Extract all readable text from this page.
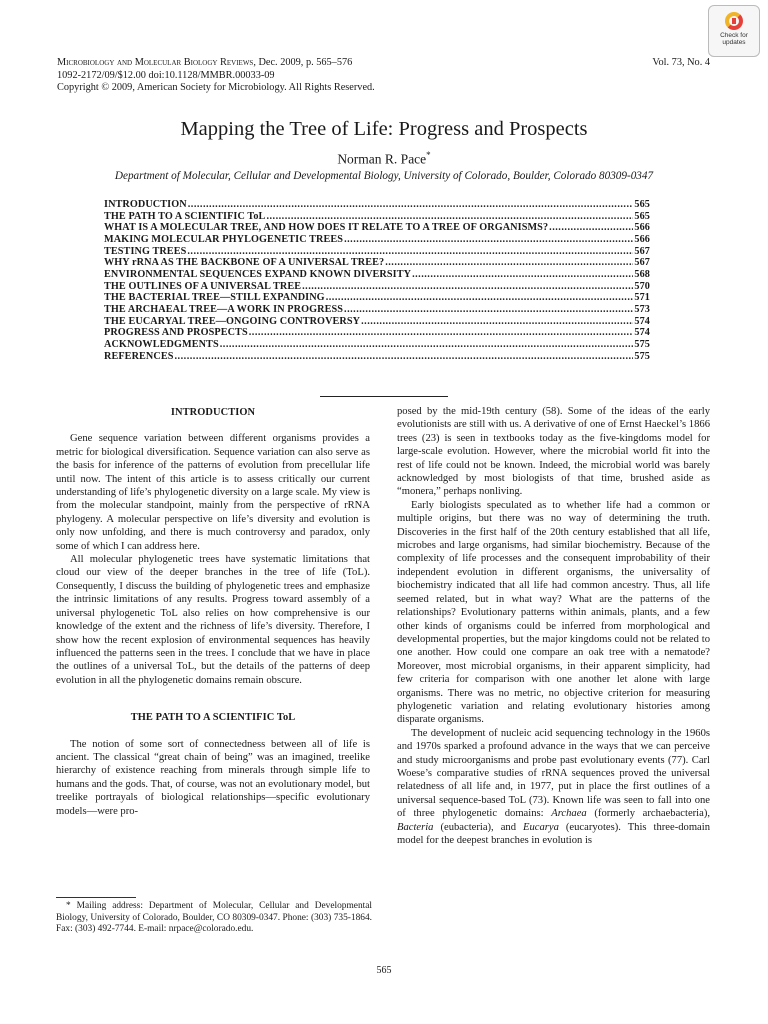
Microbiology and Molecular Biology Reviews, Dec. 2009, p. 565–576
1092-2172/09/$12.00 doi:10.1128/MMBR.00033-09
Copyright © 2009, American Society for Microbiology. All Rights Reserved.
Vol. 73, No. 4
Check for
updates
Mapping the Tree of Life: Progress and Prospects
Norman R. Pace*
Department of Molecular, Cellular and Developmental Biology, University of Colorado, Boulder, Colorado 80309-0347
INTRODUCTION .....	565
THE PATH TO A SCIENTIFIC ToL .....	565
WHAT IS A MOLECULAR TREE, AND HOW DOES IT RELATE TO A TREE OF ORGANISMS? .....	566
MAKING MOLECULAR PHYLOGENETIC TREES .....	566
TESTING TREES .....	567
WHY rRNA AS THE BACKBONE OF A UNIVERSAL TREE? .....	567
ENVIRONMENTAL SEQUENCES EXPAND KNOWN DIVERSITY .....	568
THE OUTLINES OF A UNIVERSAL TREE .....	570
THE BACTERIAL TREE—STILL EXPANDING .....	571
THE ARCHAEAL TREE—A WORK IN PROGRESS .....	573
THE EUCARYAL TREE—ONGOING CONTROVERSY .....	574
PROGRESS AND PROSPECTS .....	574
ACKNOWLEDGMENTS .....	575
REFERENCES .....	575

INTRODUCTION

Gene sequence variation between different organisms provides a metric for biological diversification. Sequence variation can also serve as the basis for inference of the patterns of evolution from precellular life until now. The intent of this article is to assess critically our current understanding of life’s phylogenetic diversity on a large scale. My view is from the molecular standpoint, mainly from the perspective of rRNA phylogeny. A molecular perspective on life’s diversity and evolution is only now unfolding, and there is much controversy and paradox, only some of which I can address here.

All molecular phylogenetic trees have systematic limitations that cloud our view of the deeper branches in the tree of life (ToL). Consequently, I discuss the building of phylogenetic trees and emphasize the intrinsic limitations of any results. Progress toward assembly of a universal phylogenetic ToL also relies on how comprehensive is our knowledge of the extent and the richness of life’s diversity. Therefore, I show how the recent explosion of environmental sequences has heavily influenced the patterns seen in the trees. I conclude that we have in place the outlines of a universal ToL, but the details of the patterns of deep evolution in all the phylogenetic domains remain obscure.

THE PATH TO A SCIENTIFIC ToL

The notion of some sort of connectedness between all of life is ancient. The classical “great chain of being” was an imagined, treelike hierarchy of existence reaching from minerals through simple life to humans and the gods. That, of course, was not an evolutionary model, but treelike portrayals of biological relationships—specific evolutionary models—were pro-

posed by the mid-19th century (58). Some of the ideas of the early evolutionists are still with us. A derivative of one of Ernst Haeckel’s 1866 trees (23) is seen in textbooks today as the five-kingdoms model for large-scale evolution. However, where the microbial world fit into the rest of life could not be known. Indeed, the microbial world was barely acknowledged by most biologists of that time, brushed aside as “monera,” perhaps nonliving.

Early biologists speculated as to whether life had a common or multiple origins, but there was no way of determining the truth. Discoveries in the first half of the 20th century established that all life, microbes and large organisms, had similar biochemistry. Because of the complexity of life processes and the consequent improbability of their independent evolution in different organisms, the universality of biochemistry indicated that all life had common ancestry. Thus, all life seemed related, but in what way? What are the patterns of the relationships? Evolutionary patterns within animals, plants, and a few other kinds of organisms could be inferred from morphological and developmental properties, but the major kingdoms could not be related to one another. How could one compare an oak tree with a nematode? Moreover, most microbial organisms, in their apparent simplicity, had few criteria for comparison with one another let alone with large organisms. There was no metric, no objective criterion for measuring phylogenetic variation and relating evolutionary histories among disparate organisms.

The development of nucleic acid sequencing technology in the 1960s and 1970s sparked a profound advance in the ways that we can perceive and study microorganisms and probe past evolutionary events (77). Carl Woese’s comparative studies of rRNA sequences proved the universal relatedness of all life and, in 1977, put in place the first outlines of a universal sequence-based ToL (73). Known life was seen to fall into one of three phylogenetic domains: Archaea (formerly archaebacteria), Bacteria (eubacteria), and Eucarya (eucaryotes). This three-domain model for the deepest branches in evolution is

* Mailing address: Department of Molecular, Cellular and Developmental Biology, University of Colorado, Boulder, CO 80309-0347. Phone: (303) 735-1864. Fax: (303) 492-7744. E-mail: nrpace@colorado.edu.
565
